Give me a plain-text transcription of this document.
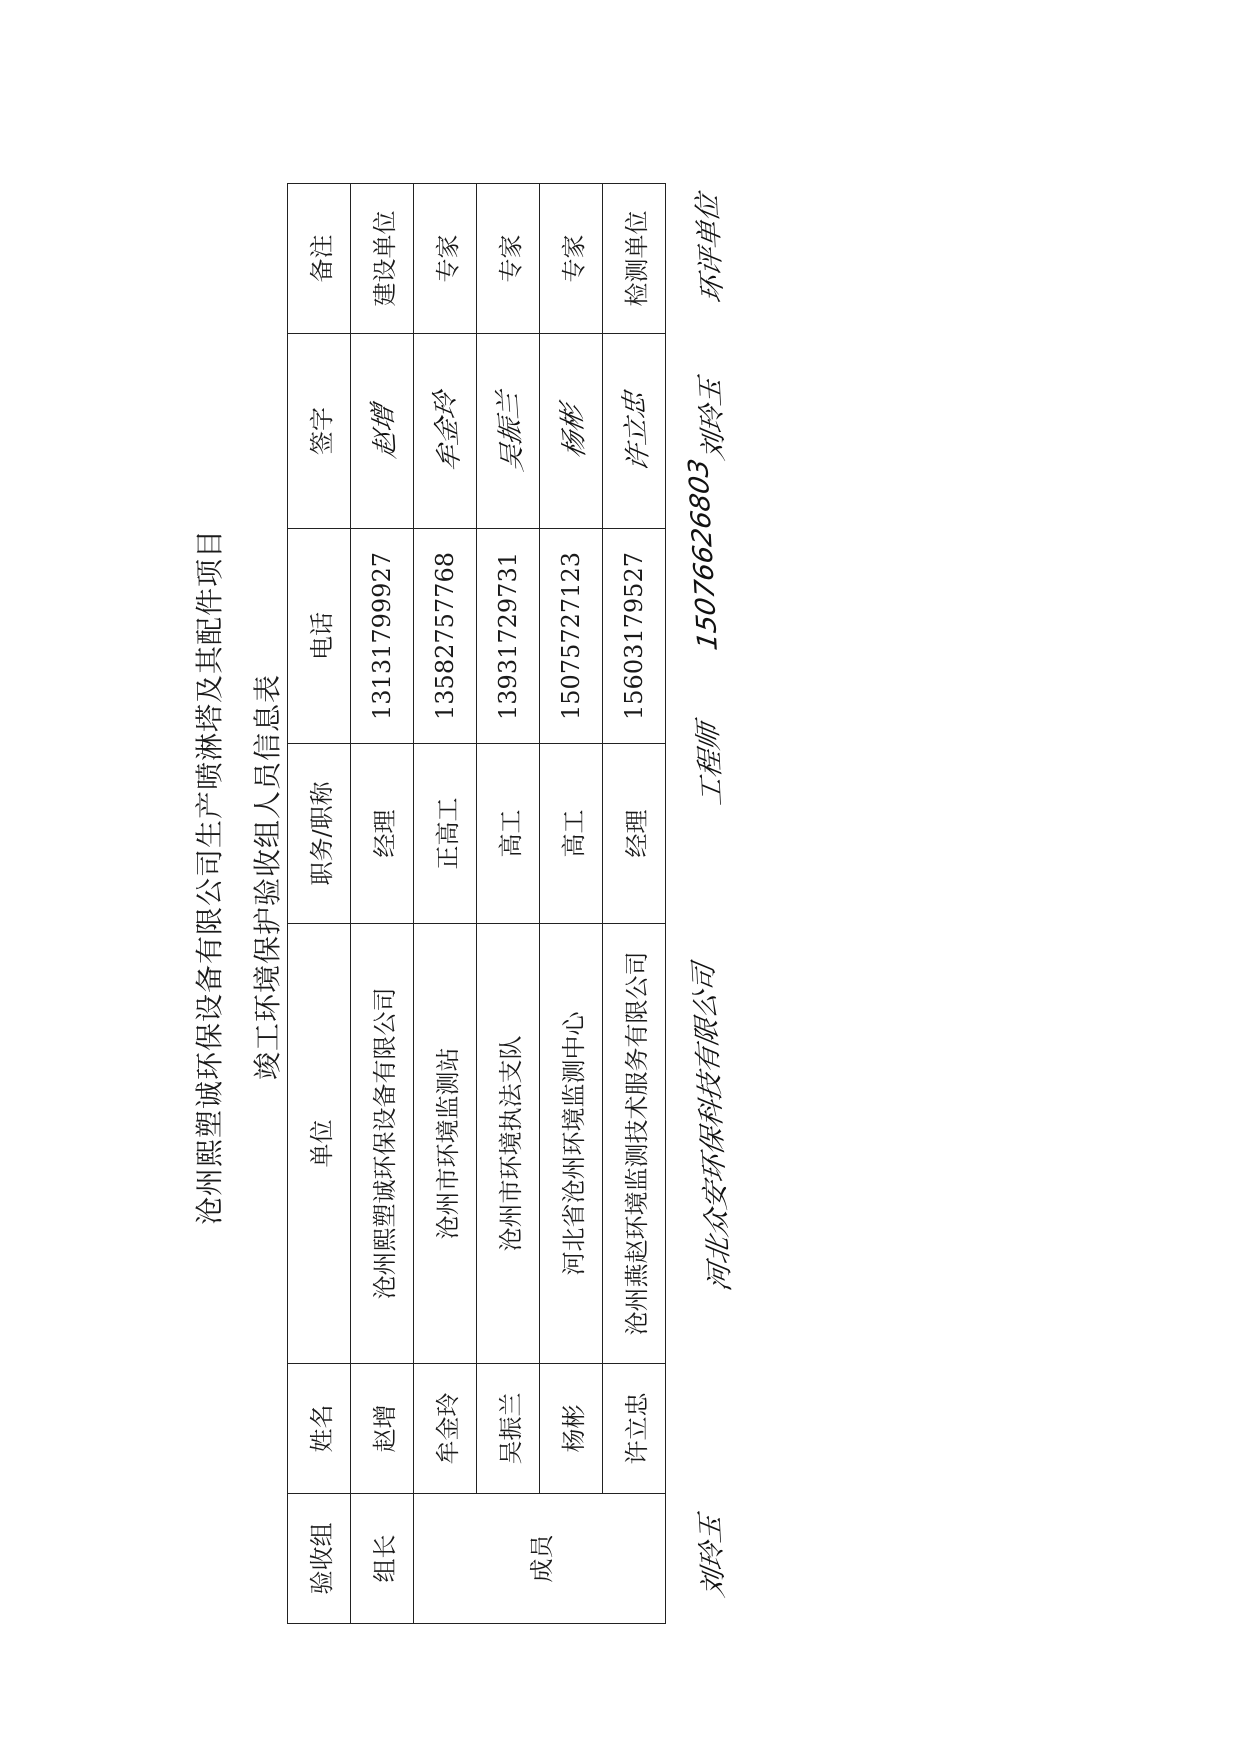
沧州熙塑诚环保设备有限公司生产喷淋塔及其配件项目 竣工环境保护验收组人员信息表
验收组	姓名	单位	职务/职称	电话	签字	备注
组长	赵增	沧州熙塑诚环保设备有限公司	经理	13131799927	赵增	建设单位
成员	牟金玲	沧州市环境监测站	正高工	13582757768	牟金玲	专家
	吴振兰	沧州市环境执法支队	高工	13931729731	吴振兰	专家
	杨彬	河北省沧州环境监测中心	高工	15075727123	杨彬	专家
	许立忠	沧州燕赵环境监测技术服务有限公司	经理	15603179527	许立忠	检测单位
刘玲玉
河北众安环保科技有限公司
工程师
15076626803
刘玲玉
环评单位
